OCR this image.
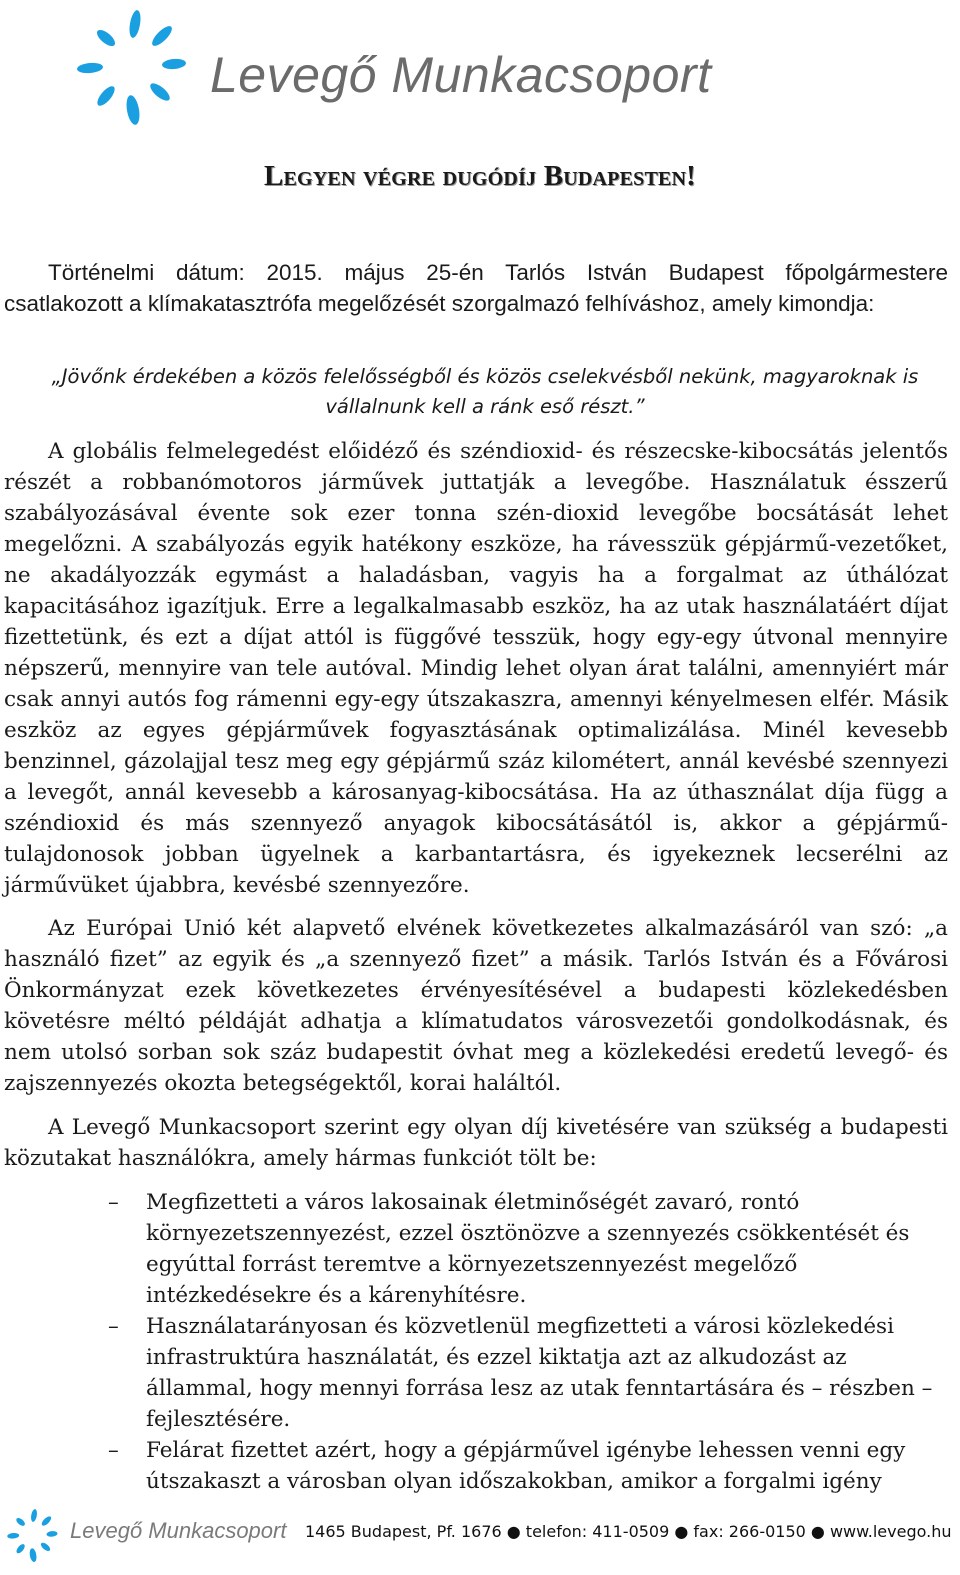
Levegő Munkacsoport
Legyen végre dugódíj Budapesten!
Történelmi dátum: 2015. május 25-én Tarlós István Budapest főpolgármestere csatlakozott a klímakatasztrófa megelőzését szorgalmazó felhíváshoz, amely kimondja:
„Jövőnk érdekében a közös felelősségből és közös cselekvésből nekünk, magyaroknak is vállalnunk kell a ránk eső részt.”
A globális felmelegedést előidéző és széndioxid- és részecske-kibocsátás jelentős részét a robbanómotoros járművek juttatják a levegőbe. Használatuk ésszerű szabályozásával évente sok ezer tonna szén-dioxid levegőbe bocsátását lehet megelőzni. A szabályozás egyik hatékony eszköze, ha rávesszük gépjármű-vezetőket, ne akadályozzák egymást a haladásban, vagyis ha a forgalmat az úthálózat kapacitásához igazítjuk. Erre a legalkalmasabb eszköz, ha az utak használatáért díjat fizettetünk, és ezt a díjat attól is függővé tesszük, hogy egy-egy útvonal mennyire népszerű, mennyire van tele autóval. Mindig lehet olyan árat találni, amennyiért már csak annyi autós fog rámenni egy-egy útszakaszra, amennyi kényelmesen elfér. Másik eszköz az egyes gépjárművek fogyasztásának optimalizálása. Minél kevesebb benzinnel, gázolajjal tesz meg egy gépjármű száz kilométert, annál kevésbé szennyezi a levegőt, annál kevesebb a károsanyag-kibocsátása. Ha az úthasználat díja függ a széndioxid és más szennyező anyagok kibocsátásától is, akkor a gépjármű-tulajdonosok jobban ügyelnek a karbantartásra, és igyekeznek lecserélni az járművüket újabbra, kevésbé szennyezőre.
Az Európai Unió két alapvető elvének következetes alkalmazásáról van szó: „a használó fizet” az egyik és „a szennyező fizet” a másik. Tarlós István és a Fővárosi Önkormányzat ezek következetes érvényesítésével a budapesti közlekedésben követésre méltó példáját adhatja a klímatudatos városvezetői gondolkodásnak, és nem utolsó sorban sok száz budapestit óvhat meg a közlekedési eredetű levegő- és zajszennyezés okozta betegségektől, korai haláltól.
A Levegő Munkacsoport szerint egy olyan díj kivetésére van szükség a budapesti közutakat használókra, amely hármas funkciót tölt be:
– Megfizetteti a város lakosainak életminőségét zavaró, rontó környezetszennyezést, ezzel ösztönözve a szennyezés csökkentését és egyúttal forrást teremtve a környezetszennyezést megelőző intézkedésekre és a kárenyhítésre.
– Használatarányosan és közvetlenül megfizetteti a városi közlekedési infrastruktúra használatát, és ezzel kiktatja azt az alkudozást az állammal, hogy mennyi forrása lesz az utak fenntartására és – részben – fejlesztésére.
– Felárat fizettet azért, hogy a gépjárművel igénybe lehessen venni egy útszakaszt a városban olyan időszakokban, amikor a forgalmi igény
Levegő Munkacsoport 1465 Budapest, Pf. 1676 ● telefon: 411-0509 ● fax: 266-0150 ● www.levego.hu
